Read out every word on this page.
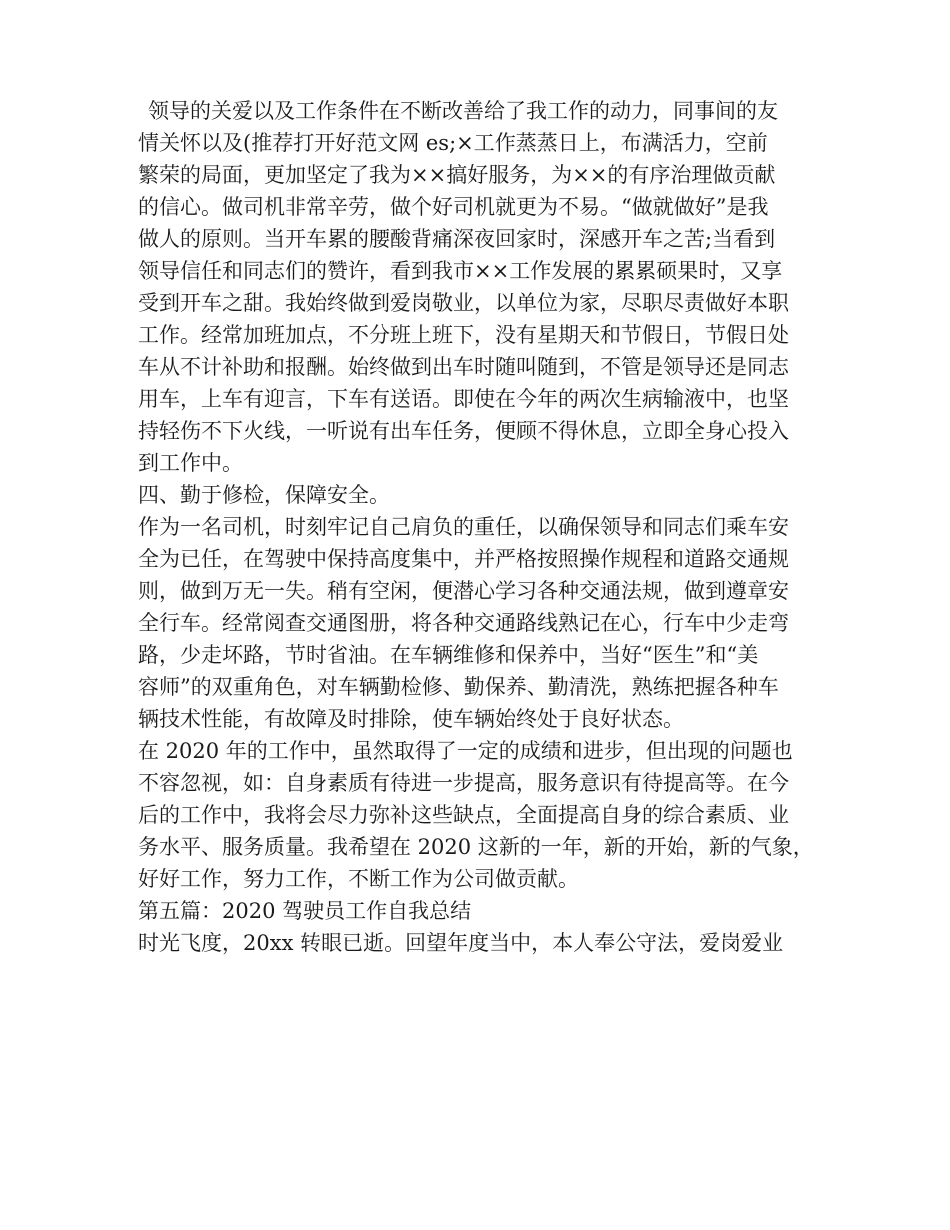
领导的关爱以及工作条件在不断改善给了我工作的动力，同事间的友

情关怀以及(推荐打开好范文网 es;×工作蒸蒸日上，布满活力，空前

繁荣的局面，更加坚定了我为××搞好服务，为××的有序治理做贡献

的信心。做司机非常辛劳，做个好司机就更为不易。“做就做好”是我

做人的原则。当开车累的腰酸背痛深夜回家时，深感开车之苦;当看到

领导信任和同志们的赞许，看到我市××工作发展的累累硕果时，又享

受到开车之甜。我始终做到爱岗敬业，以单位为家，尽职尽责做好本职

工作。经常加班加点，不分班上班下，没有星期天和节假日，节假日处

车从不计补助和报酬。始终做到出车时随叫随到，不管是领导还是同志

用车，上车有迎言，下车有送语。即使在今年的两次生病输液中，也坚

持轻伤不下火线，一听说有出车任务，便顾不得休息，立即全身心投入

到工作中。

四、勤于修检，保障安全。

作为一名司机，时刻牢记自己肩负的重任，以确保领导和同志们乘车安

全为已任，在驾驶中保持高度集中，并严格按照操作规程和道路交通规

则，做到万无一失。稍有空闲，便潜心学习各种交通法规，做到遵章安

全行车。经常阅查交通图册，将各种交通路线熟记在心，行车中少走弯

路，少走坏路，节时省油。在车辆维修和保养中，当好“医生”和“美

容师”的双重角色，对车辆勤检修、勤保养、勤清洗，熟练把握各种车

辆技术性能，有故障及时排除，使车辆始终处于良好状态。

在 2020 年的工作中，虽然取得了一定的成绩和进步，但出现的问题也

不容忽视，如：自身素质有待进一步提高，服务意识有待提高等。在今

后的工作中，我将会尽力弥补这些缺点，全面提高自身的综合素质、业

务水平、服务质量。我希望在 2020 这新的一年，新的开始，新的气象，

好好工作，努力工作，不断工作为公司做贡献。

第五篇：2020 驾驶员工作自我总结

时光飞度，20xx 转眼已逝。回望年度当中，本人奉公守法，爱岗爱业
